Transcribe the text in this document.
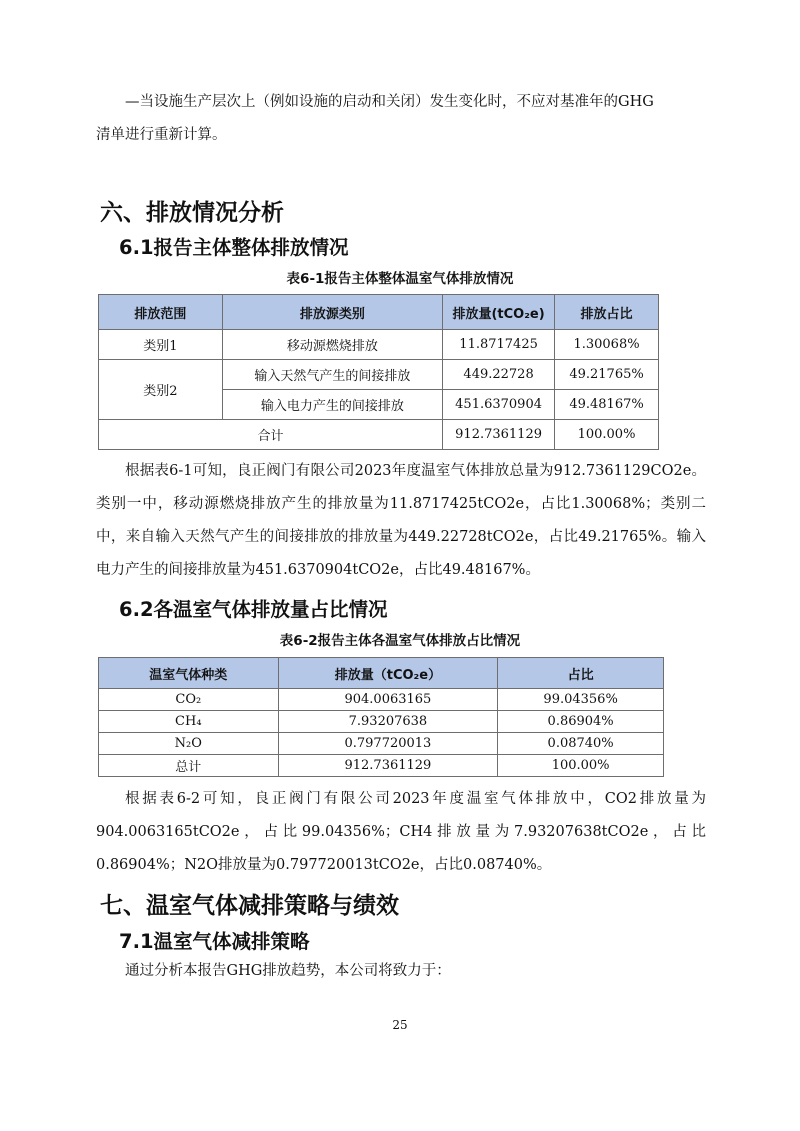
—当设施生产层次上（例如设施的启动和关闭）发生变化时，不应对基准年的GHG
清单进行重新计算。

六、排放情况分析
6.1报告主体整体排放情况

表6-1报告主体整体温室气体排放情况

排放范围	排放源类别	排放量(tCO₂e)	排放占比
类别1	移动源燃烧排放	11.8717425	1.30068%
类别2	输入天然气产生的间接排放	449.22728	49.21765%
	输入电力产生的间接排放	451.6370904	49.48167%
合计		912.7361129	100.00%

根据表6-1可知，良正阀门有限公司2023年度温室气体排放总量为912.7361129CO2e。类别一中，移动源燃烧排放产生的排放量为11.8717425tCO2e，占比1.30068%；类别二中，来自输入天然气产生的间接排放的排放量为449.22728tCO2e，占比49.21765%。输入电力产生的间接排放量为451.6370904tCO2e，占比49.48167%。

6.2各温室气体排放量占比情况

表6-2报告主体各温室气体排放占比情况

温室气体种类	排放量（tCO₂e）	占比
CO₂	904.0063165	99.04356%
CH₄	7.93207638	0.86904%
N₂O	0.797720013	0.08740%
总计	912.7361129	100.00%

根据表6-2可知，良正阀门有限公司2023年度温室气体排放中，CO2排放量为904.0063165tCO2e，占比99.04356%；CH4排放量为7.93207638tCO2e，占比0.86904%；N2O排放量为0.797720013tCO2e，占比0.08740%。

七、温室气体减排策略与绩效
7.1温室气体减排策略

通过分析本报告GHG排放趋势，本公司将致力于：

25
